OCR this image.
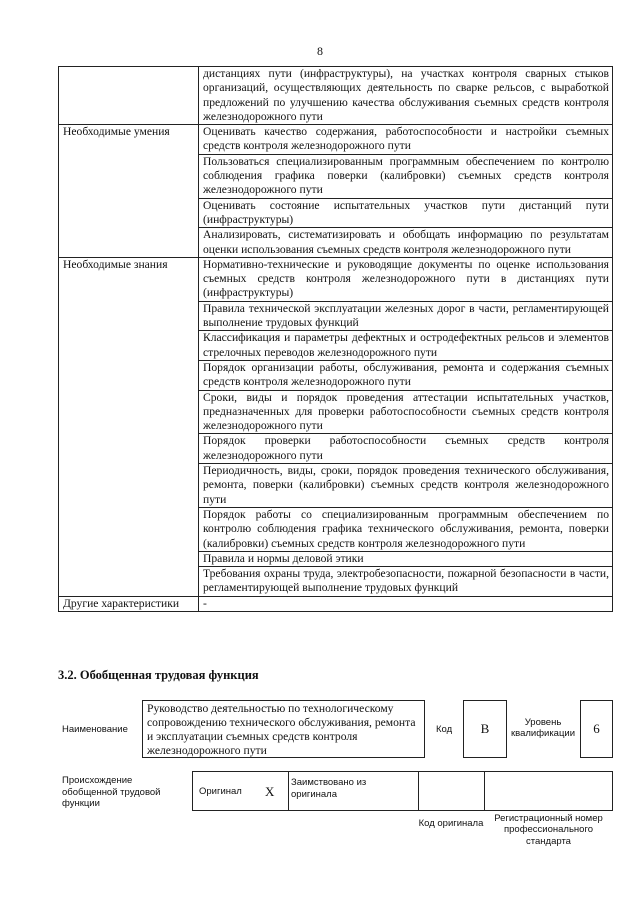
8
	дистанциях пути (инфраструктуры), на участках контроля сварных стыков организаций, осуществляющих деятельность по сварке рельсов, с выработкой предложений по улучшению качества обслуживания съемных средств контроля железнодорожного пути
Необходимые умения	Оценивать качество содержания, работоспособности и настройки съемных средств контроля железнодорожного пути
	Пользоваться специализированным программным обеспечением по контролю соблюдения графика поверки (калибровки) съемных средств контроля железнодорожного пути
	Оценивать состояние испытательных участков пути дистанций пути (инфраструктуры)
	Анализировать, систематизировать и обобщать информацию по результатам оценки использования съемных средств контроля железнодорожного пути
Необходимые знания	Нормативно-технические и руководящие документы по оценке использования съемных средств контроля железнодорожного пути в дистанциях пути (инфраструктуры)
	Правила технической эксплуатации железных дорог в части, регламентирующей выполнение трудовых функций
	Классификация и параметры дефектных и остродефектных рельсов и элементов стрелочных переводов железнодорожного пути
	Порядок организации работы, обслуживания, ремонта и содержания съемных средств контроля железнодорожного пути
	Сроки, виды и порядок проведения аттестации испытательных участков, предназначенных для проверки работоспособности съемных средств контроля железнодорожного пути
	Порядок проверки работоспособности съемных средств контроля железнодорожного пути
	Периодичность, виды, сроки, порядок проведения технического обслуживания, ремонта, поверки (калибровки) съемных средств контроля железнодорожного пути
	Порядок работы со специализированным программным обеспечением по контролю соблюдения графика технического обслуживания, ремонта, поверки (калибровки) съемных средств контроля железнодорожного пути
	Правила и нормы деловой этики
	Требования охраны труда, электробезопасности, пожарной безопасности в части, регламентирующей выполнение трудовых функций
Другие характеристики	-
3.2. Обобщенная трудовая функция
Наименование
Руководство деятельностью по технологическому сопровождению технического обслуживания, ремонта и эксплуатации съемных средств контроля железнодорожного пути
Код B	Уровень квалификации 6
Происхождение обобщенной трудовой функции
Оригинал X
Заимствовано из оригинала
Код оригинала	Регистрационный номер профессионального стандарта
